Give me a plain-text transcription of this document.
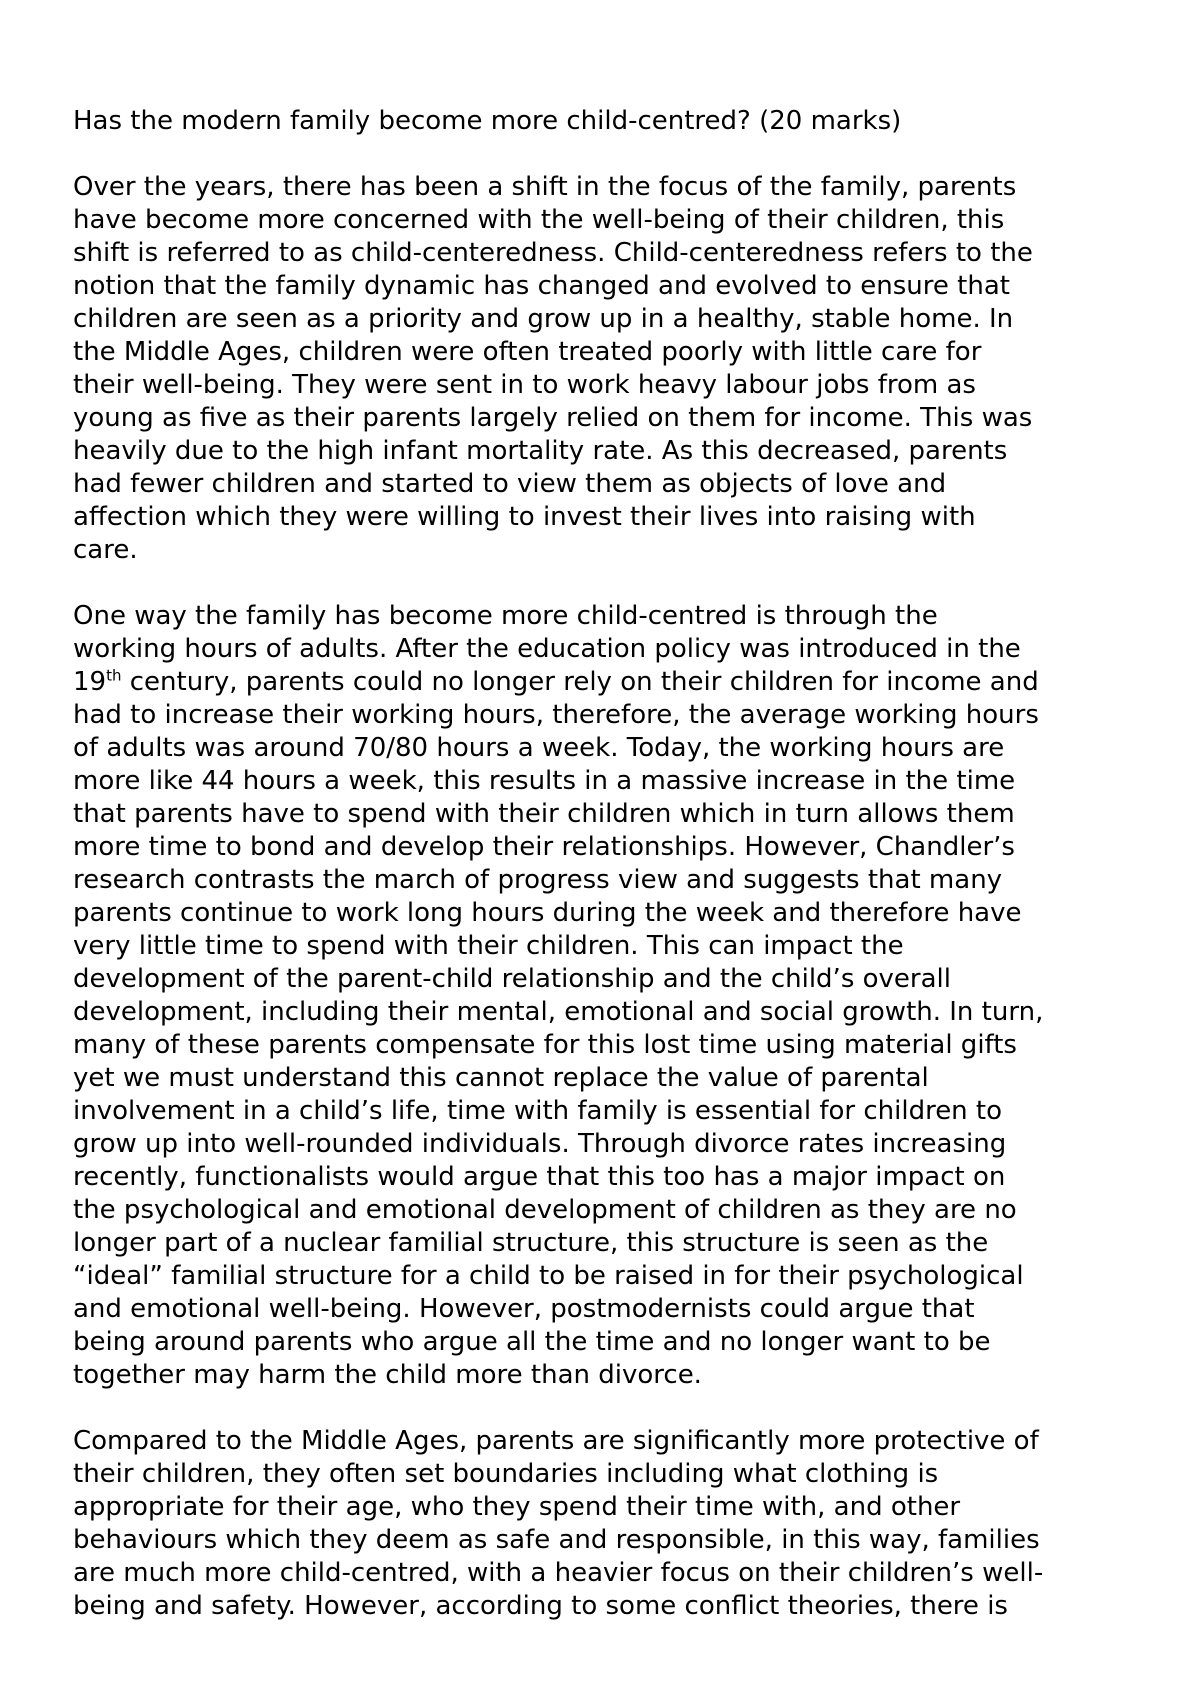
Has the modern family become more child-centred? (20 marks)

Over the years, there has been a shift in the focus of the family, parents
have become more concerned with the well-being of their children, this
shift is referred to as child-centeredness. Child-centeredness refers to the
notion that the family dynamic has changed and evolved to ensure that
children are seen as a priority and grow up in a healthy, stable home. In
the Middle Ages, children were often treated poorly with little care for
their well-being. They were sent in to work heavy labour jobs from as
young as five as their parents largely relied on them for income. This was
heavily due to the high infant mortality rate. As this decreased, parents
had fewer children and started to view them as objects of love and
affection which they were willing to invest their lives into raising with
care.

One way the family has become more child-centred is through the
working hours of adults. After the education policy was introduced in the
19th century, parents could no longer rely on their children for income and
had to increase their working hours, therefore, the average working hours
of adults was around 70/80 hours a week. Today, the working hours are
more like 44 hours a week, this results in a massive increase in the time
that parents have to spend with their children which in turn allows them
more time to bond and develop their relationships. However, Chandler’s
research contrasts the march of progress view and suggests that many
parents continue to work long hours during the week and therefore have
very little time to spend with their children. This can impact the
development of the parent-child relationship and the child’s overall
development, including their mental, emotional and social growth. In turn,
many of these parents compensate for this lost time using material gifts
yet we must understand this cannot replace the value of parental
involvement in a child’s life, time with family is essential for children to
grow up into well-rounded individuals. Through divorce rates increasing
recently, functionalists would argue that this too has a major impact on
the psychological and emotional development of children as they are no
longer part of a nuclear familial structure, this structure is seen as the
“ideal” familial structure for a child to be raised in for their psychological
and emotional well-being. However, postmodernists could argue that
being around parents who argue all the time and no longer want to be
together may harm the child more than divorce.

Compared to the Middle Ages, parents are significantly more protective of
their children, they often set boundaries including what clothing is
appropriate for their age, who they spend their time with, and other
behaviours which they deem as safe and responsible, in this way, families
are much more child-centred, with a heavier focus on their children’s well-
being and safety. However, according to some conflict theories, there is
